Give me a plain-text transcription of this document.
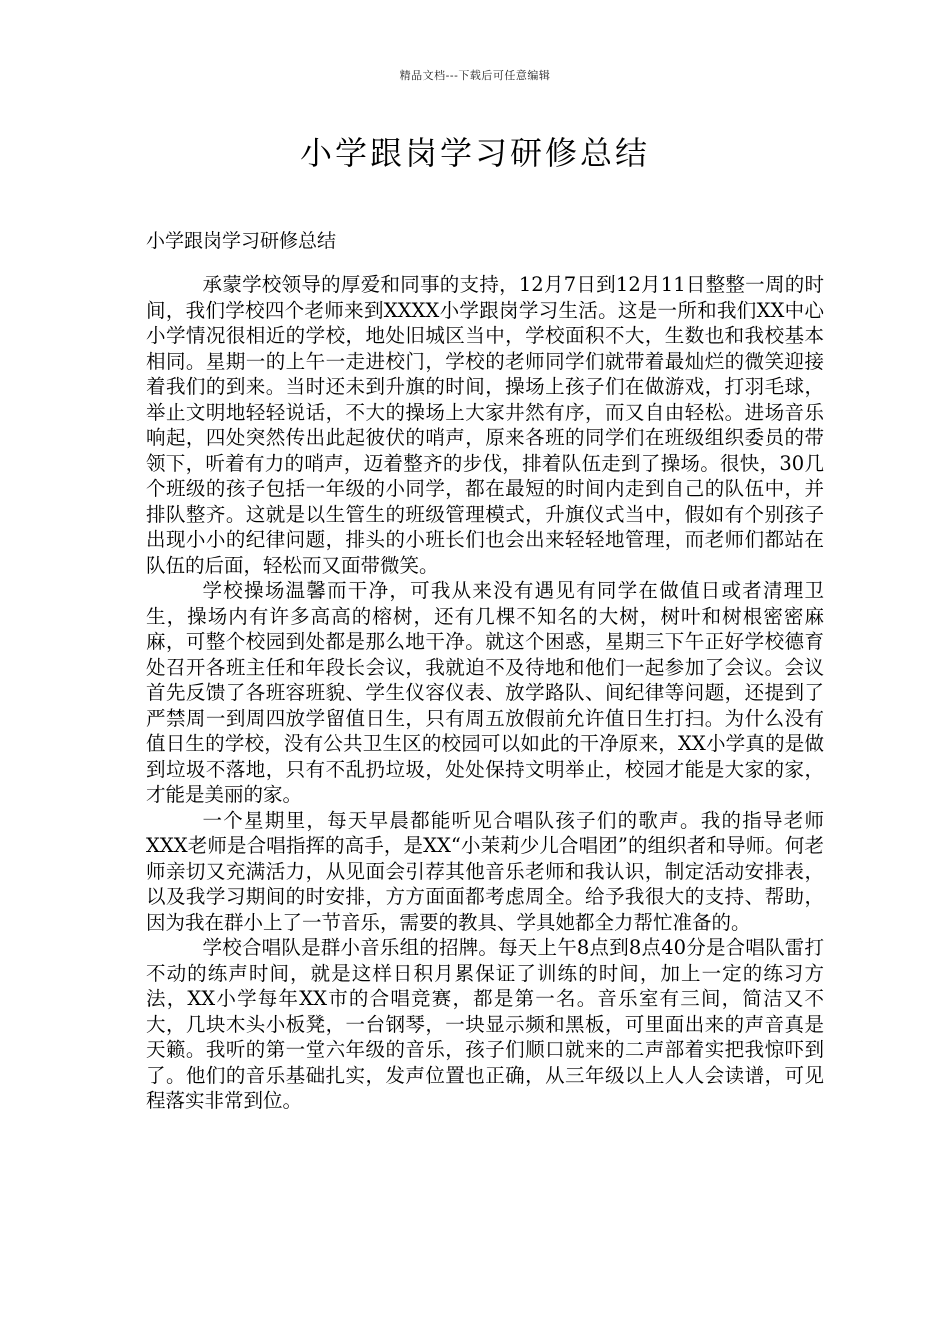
精品文档---下载后可任意编辑
小学跟岗学习研修总结

小学跟岗学习研修总结

承蒙学校领导的厚爱和同事的支持，12月7日到12月11日整整一周的时间，我们学校四个老师来到XXXX小学跟岗学习生活。这是一所和我们XX中心小学情况很相近的学校，地处旧城区当中，学校面积不大，生数也和我校基本相同。星期一的上午一走进校门，学校的老师同学们就带着最灿烂的微笑迎接着我们的到来。当时还未到升旗的时间，操场上孩子们在做游戏，打羽毛球，举止文明地轻轻说话，不大的操场上大家井然有序，而又自由轻松。进场音乐响起，四处突然传出此起彼伏的哨声，原来各班的同学们在班级组织委员的带领下，听着有力的哨声，迈着整齐的步伐，排着队伍走到了操场。很快，30几个班级的孩子包括一年级的小同学，都在最短的时间内走到自己的队伍中，并排队整齐。这就是以生管生的班级管理模式，升旗仪式当中，假如有个别孩子出现小小的纪律问题，排头的小班长们也会出来轻轻地管理，而老师们都站在队伍的后面，轻松而又面带微笑。

学校操场温馨而干净，可我从来没有遇见有同学在做值日或者清理卫生，操场内有许多高高的榕树，还有几棵不知名的大树，树叶和树根密密麻麻，可整个校园到处都是那么地干净。就这个困惑，星期三下午正好学校德育处召开各班主任和年段长会议，我就迫不及待地和他们一起参加了会议。会议首先反馈了各班容班貌、学生仪容仪表、放学路队、间纪律等问题，还提到了严禁周一到周四放学留值日生，只有周五放假前允许值日生打扫。为什么没有值日生的学校，没有公共卫生区的校园可以如此的干净原来，XX小学真的是做到垃圾不落地，只有不乱扔垃圾，处处保持文明举止，校园才能是大家的家，才能是美丽的家。

一个星期里，每天早晨都能听见合唱队孩子们的歌声。我的指导老师XXX老师是合唱指挥的高手，是XX“小茉莉少儿合唱团”的组织者和导师。何老师亲切又充满活力，从见面会引荐其他音乐老师和我认识，制定活动安排表，以及我学习期间的时安排，方方面面都考虑周全。给予我很大的支持、帮助，因为我在群小上了一节音乐，需要的教具、学具她都全力帮忙准备的。

学校合唱队是群小音乐组的招牌。每天上午8点到8点40分是合唱队雷打不动的练声时间，就是这样日积月累保证了训练的时间，加上一定的练习方法，XX小学每年XX市的合唱竞赛，都是第一名。音乐室有三间，简洁又不大，几块木头小板凳，一台钢琴，一块显示频和黑板，可里面出来的声音真是天籁。我听的第一堂六年级的音乐，孩子们顺口就来的二声部着实把我惊吓到了。他们的音乐基础扎实，发声位置也正确，从三年级以上人人会读谱，可见程落实非常到位。
